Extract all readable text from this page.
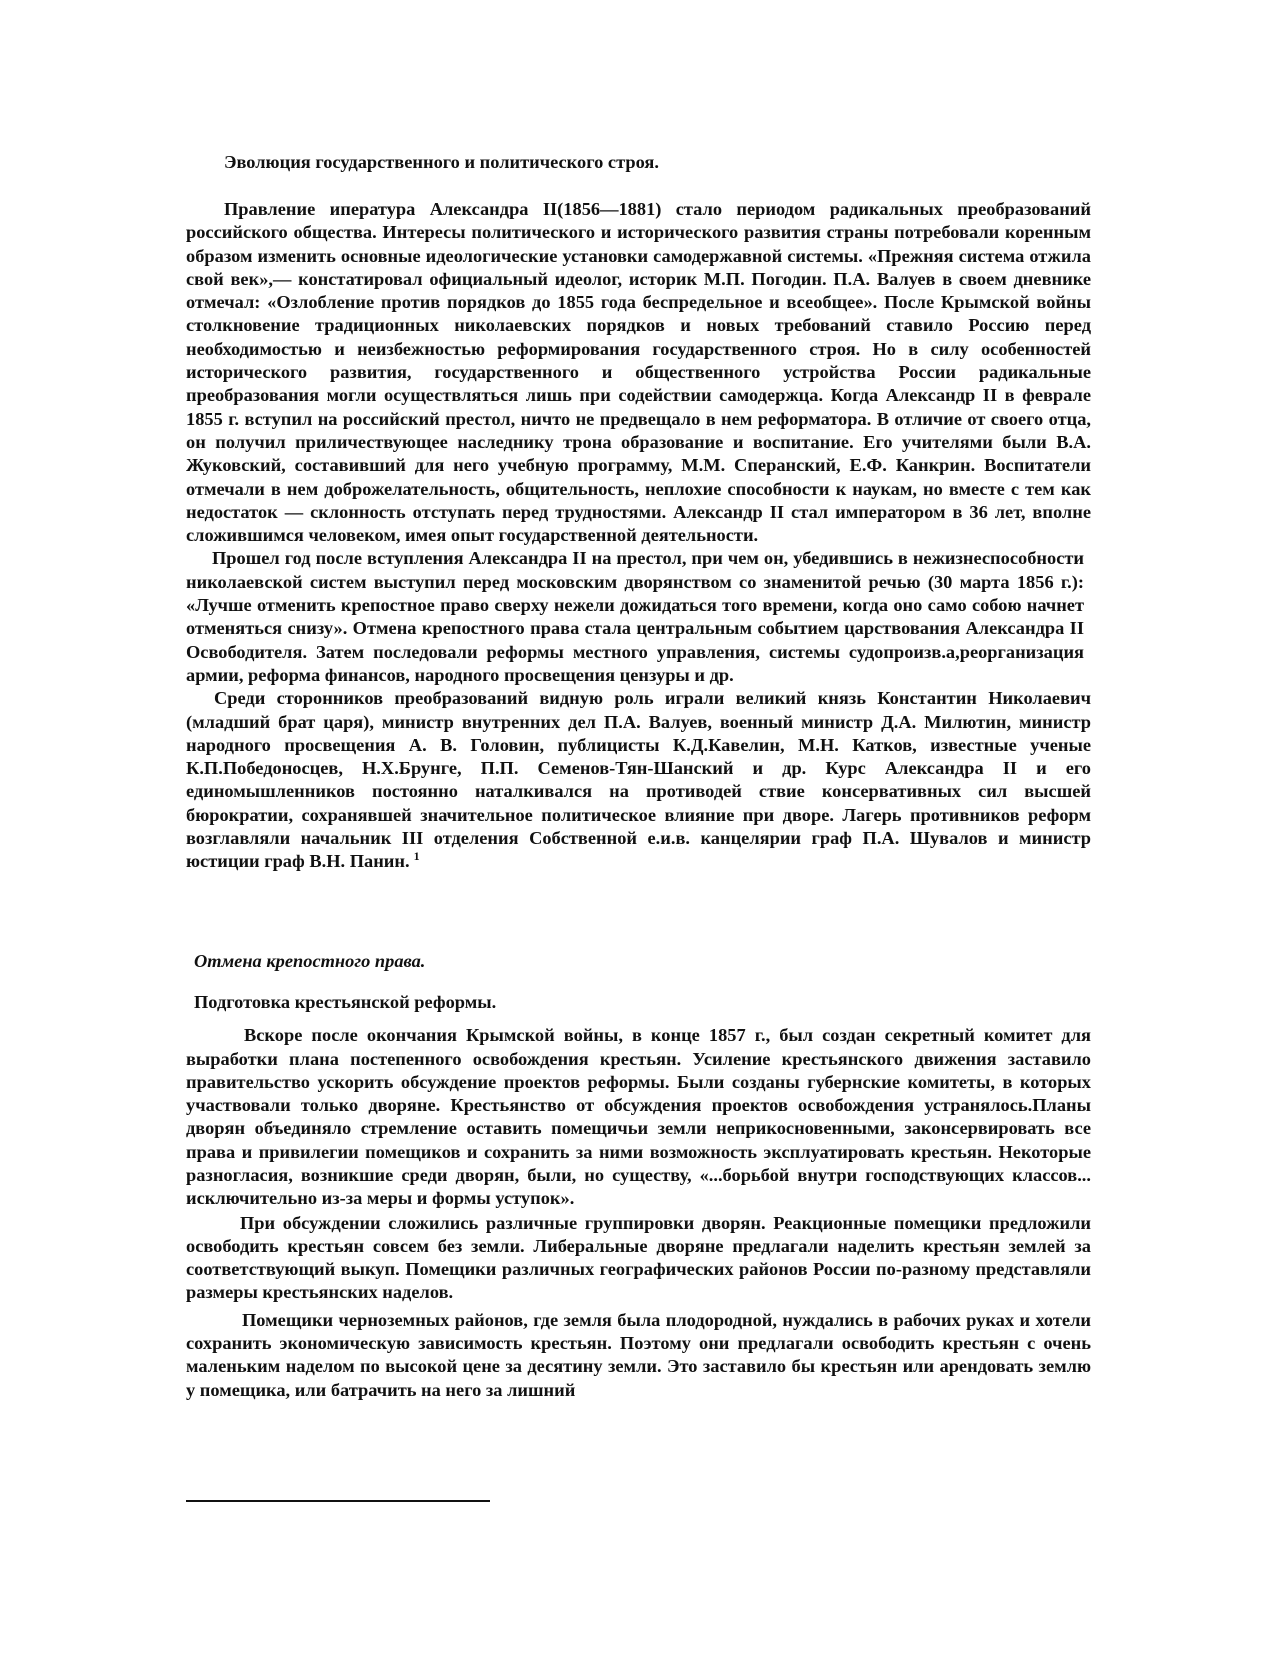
Эволюция государственного и политического строя.

Правление ипература Александра II(1856—1881) стало периодом радикальных преобразований российского общества. Интересы политического и исторического развития страны потребовали коренным образом изменить основные идеологические установки самодержавной системы. «Прежняя система отжила свой век»,— констатировал официальный идеолог, историк М.П. Погодин. П.А. Валуев в своем дневнике отмечал: «Озлобление против порядков до 1855 года беспредельное и всеобщее». После Крымской войны столкновение традиционных николаевских порядков и новых требований ставило Россию перед необходимостью и неизбежностью реформирования государственного строя. Но в силу особенностей исторического развития, государственного и общественного устройства России радикальные преобразования могли осуществляться лишь при содействии самодержца. Когда Александр II в феврале 1855 г. вступил на российский престол, ничто не предвещало в нем реформатора. В отличие от своего отца, он получил приличествующее наследнику трона образование и воспитание. Его учителями были В.А. Жуковский, составивший для него учебную программу, М.М. Сперанский, Е.Ф. Канкрин. Воспитатели отмечали в нем доброжелательность, общительность, неплохие способности к наукам, но вместе с тем как недостаток — склонность отступать перед трудностями. Александр II стал императором в 36 лет, вполне сложившимся человеком, имея опыт государственной деятельности.

Прошел год после вступления Александра II на престол, при чем он, убедившись в нежизнеспособности николаевской систем выступил перед московским дворянством со знаменитой речью (30 марта 1856 г.): «Лучше отменить крепостное право сверху нежели дожидаться того времени, когда оно само собою начнет отменяться снизу». Отмена крепостного права стала центральным событием царствования Александра II Освободителя. Затем последовали реформы местного управления, системы судопроизв.а,реорганизация армии, реформа финансов, народного просвещения цензуры и др.

Среди сторонников преобразований видную роль играли великий князь Константин Николаевич (младший брат царя), министр внутренних дел П.А. Валуев, военный министр Д.А. Милютин, министр народного просвещения А. В. Головин, публицисты К.Д.Кавелин, М.Н. Катков, известные ученые К.П.Победоносцев, Н.Х.Брунге, П.П. Семенов-Тян-Шанский и др. Курс Александра II и его единомышленников постоянно наталкивался на противодей ствие консервативных сил высшей бюрократии, сохранявшей значительное политическое влияние при дворе. Лагерь противников реформ возглавляли начальник III отделения Собственной е.и.в. канцелярии граф П.А. Шувалов и министр юстиции граф В.Н. Панин. $^1$

Отмена крепостного права.

Подготовка крестьянской реформы.

Вскоре после окончания Крымской войны, в конце 1857 г., был создан секретный комитет для выработки плана постепенного освобождения крестьян. Усиление крестьянского движения заставило правительство ускорить обсуждение проектов реформы. Были созданы губернские комитеты, в которых участвовали только дворяне. Крестьянство от обсуждения проектов освобождения устранялось.Планы дворян объединяло стремление оставить помещичьи земли неприкосновенными, законсервировать все права и привилегии помещиков и сохранить за ними возможность эксплуатировать крестьян. Некоторые разногласия, возникшие среди дворян, были, но существу, «...борьбой внутри господствующих классов... исключительно из-за меры и формы уступок».

При обсуждении сложились различные группировки дворян. Реакционные помещики предложили освободить крестьян совсем без земли. Либеральные дворяне предлагали наделить крестьян землей за соответствующий выкуп. Помещики различных географических районов России по-разному представляли размеры крестьянских наделов.

Помещики черноземных районов, где земля была плодородной, нуждались в рабочих руках и хотели сохранить экономическую зависимость крестьян. Поэтому они предлагали освободить крестьян с очень маленьким наделом по высокой цене за десятину земли. Это заставило бы крестьян или арендовать землю у помещика, или батрачить на него за лишний
